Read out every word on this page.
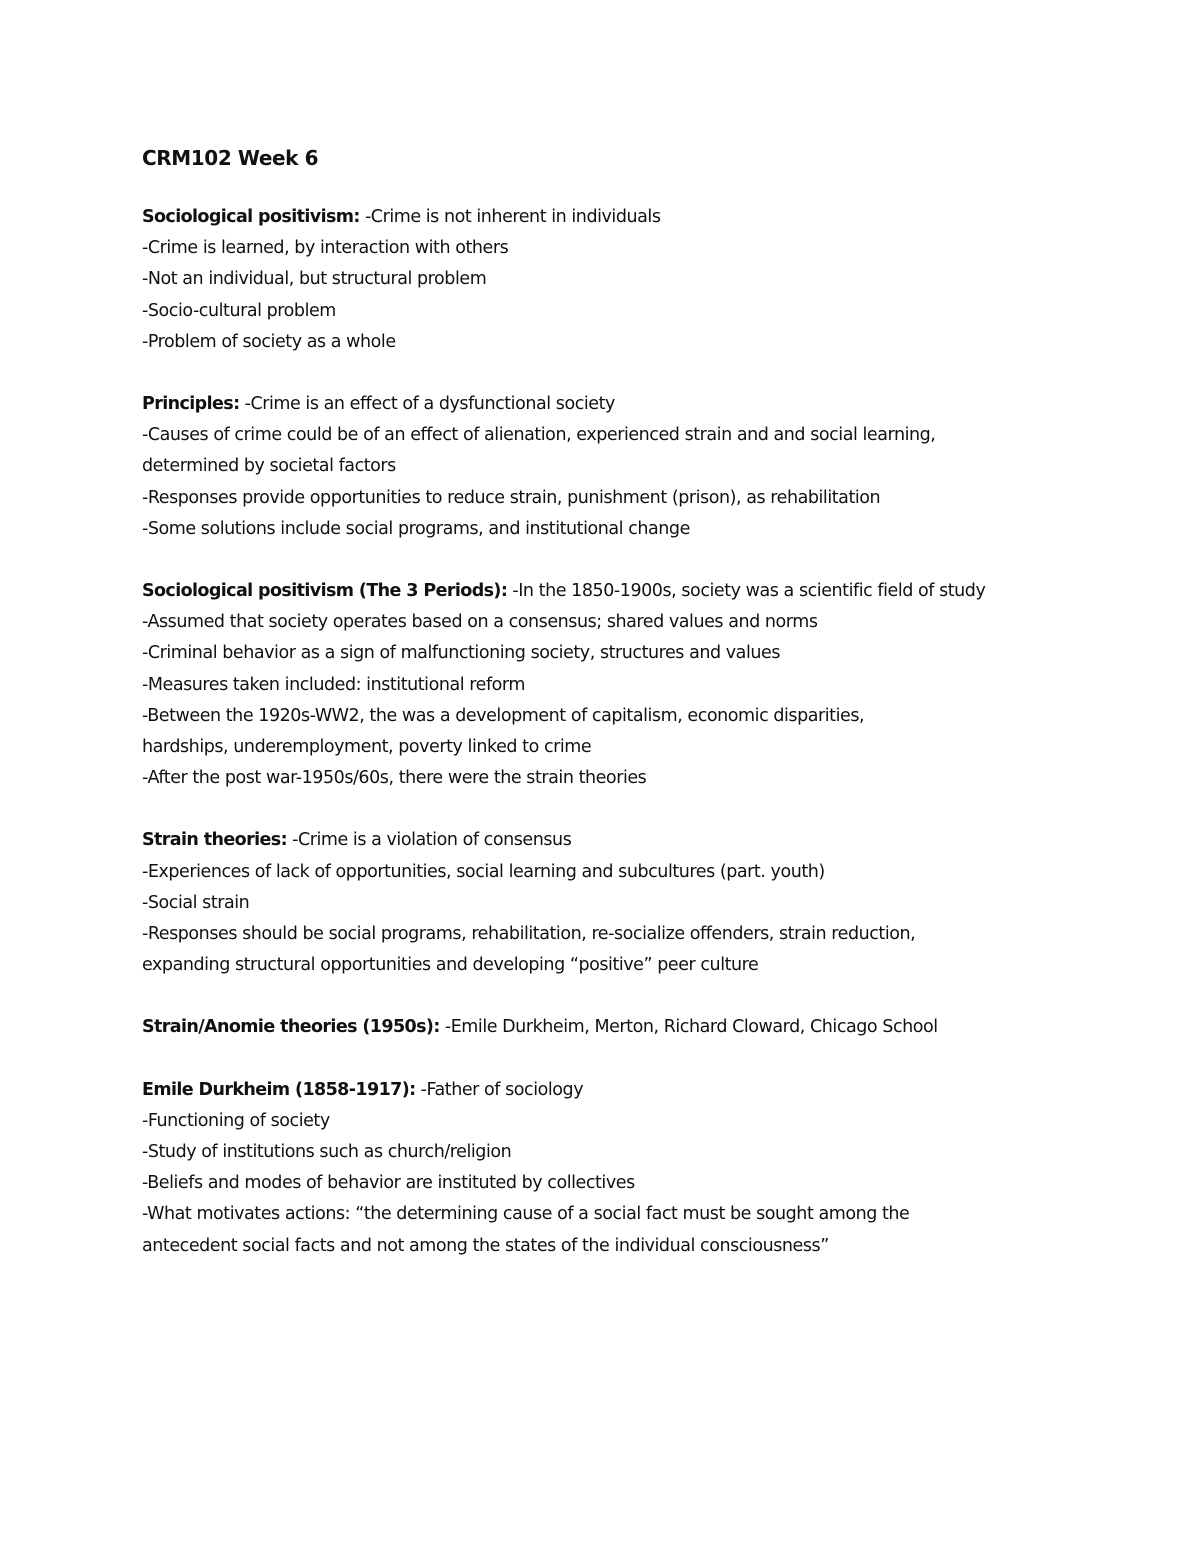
CRM102 Week 6
Sociological positivism: -Crime is not inherent in individuals
-Crime is learned, by interaction with others
-Not an individual, but structural problem
-Socio-cultural problem
-Problem of society as a whole
Principles: -Crime is an effect of a dysfunctional society
-Causes of crime could be of an effect of alienation, experienced strain and and social learning,
determined by societal factors
-Responses provide opportunities to reduce strain, punishment (prison), as rehabilitation
-Some solutions include social programs, and institutional change
Sociological positivism (The 3 Periods): -In the 1850-1900s, society was a scientific field of study
-Assumed that society operates based on a consensus; shared values and norms
-Criminal behavior as a sign of malfunctioning society, structures and values
-Measures taken included: institutional reform
-Between the 1920s-WW2, the was a development of capitalism, economic disparities,
hardships, underemployment, poverty linked to crime
-After the post war-1950s/60s, there were the strain theories
Strain theories: -Crime is a violation of consensus
-Experiences of lack of opportunities, social learning and subcultures (part. youth)
-Social strain
-Responses should be social programs, rehabilitation, re-socialize offenders, strain reduction,
expanding structural opportunities and developing “positive” peer culture
Strain/Anomie theories (1950s): -Emile Durkheim, Merton, Richard Cloward, Chicago School
Emile Durkheim (1858-1917): -Father of sociology
-Functioning of society
-Study of institutions such as church/religion
-Beliefs and modes of behavior are instituted by collectives
-What motivates actions: “the determining cause of a social fact must be sought among the
antecedent social facts and not among the states of the individual consciousness”
